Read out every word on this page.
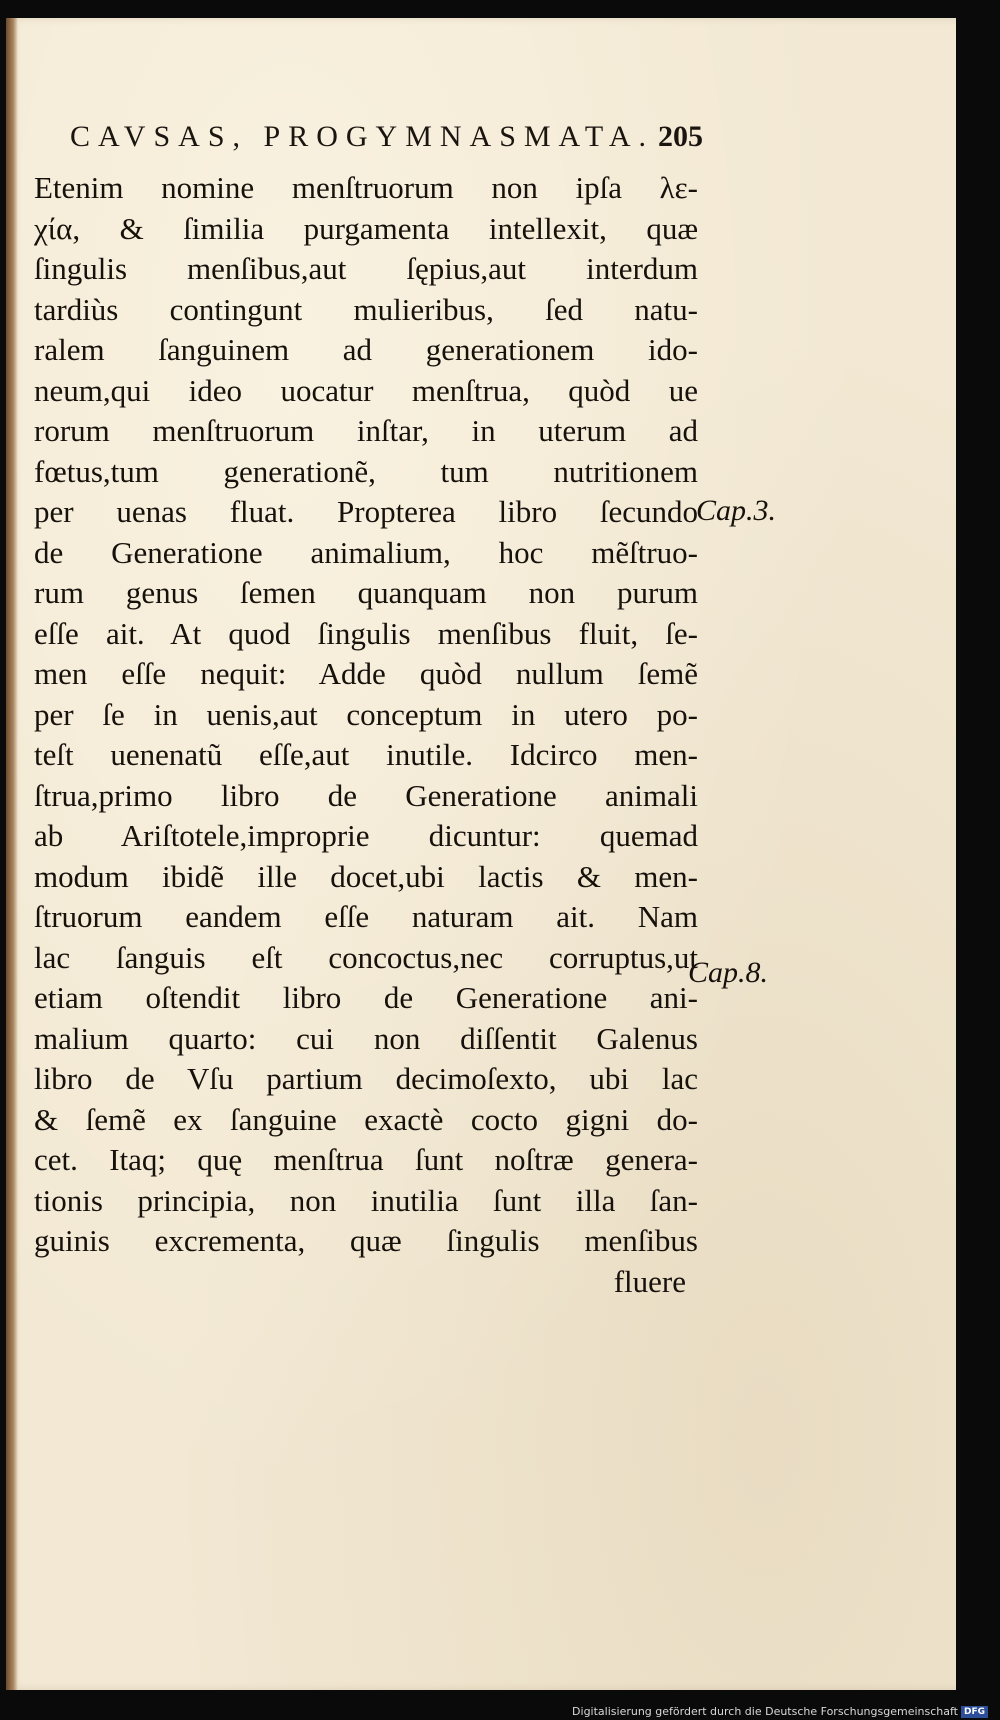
CAVSAS, PROGYMNASMATA. 205
Etenim nomine menſtruorum non ipſa λε-
χία, & ſimilia purgamenta intellexit, quæ
ſingulis menſibus,aut ſępius,aut interdum
tardiùs contingunt mulieribus, ſed natu-
ralem ſanguinem ad generationem ido-
neum,qui ideo uocatur menſtrua, quòd ue
rorum menſtruorum inſtar, in uterum ad
fœtus,tum generationẽ, tum nutritionem
per uenas fluat. Propterea libro ſecundo
de Generatione animalium, hoc mẽſtruo-
rum genus ſemen quanquam non purum
eſſe ait. At quod ſingulis menſibus fluit, ſe-
men eſſe nequit: Adde quòd nullum ſemẽ
per ſe in uenis,aut conceptum in utero po-
teſt uenenatũ eſſe,aut inutile. Idcirco men-
ſtrua,primo libro de Generatione animali
ab Ariſtotele,improprie dicuntur: quemad
modum ibidẽ ille docet,ubi lactis & men-
ſtruorum eandem eſſe naturam ait. Nam
lac ſanguis eſt concoctus,nec corruptus,ut
etiam oſtendit libro de Generatione ani-
malium quarto: cui non diſſentit Galenus
libro de Vſu partium decimoſexto, ubi lac
& ſemẽ ex ſanguine exactè cocto gigni do-
cet. Itaq; quę menſtrua ſunt noſtræ genera-
tionis principia, non inutilia ſunt illa ſan-
guinis excrementa, quæ ſingulis menſibus
fluere
Cap.3.
Cap.8.
Digitalisierung gefördert durch die Deutsche Forschungsgemeinschaft DFG
